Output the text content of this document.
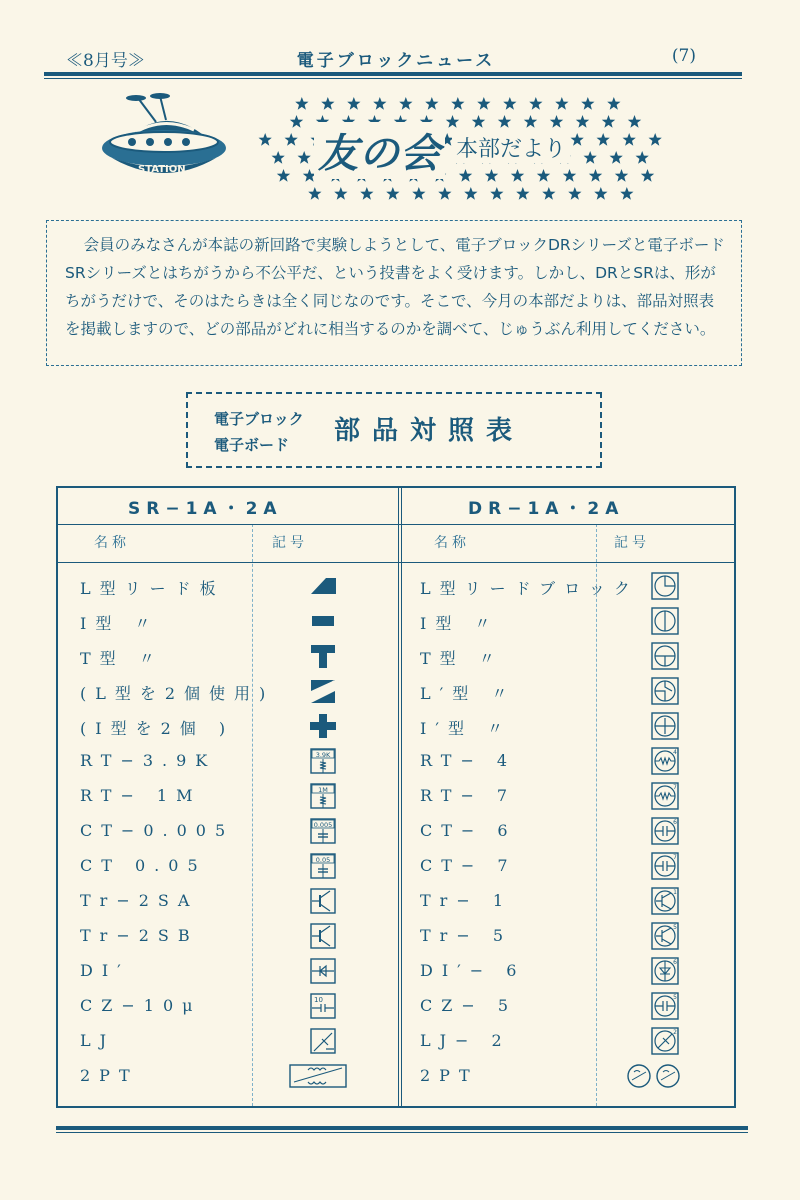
≪8月号≫	電子ブロックニュース	(7)
STATION	友の会 本部だより

会員のみなさんが本誌の新回路で実験しようとして、電子ブロックDRシリーズと電子ボードSRシリーズとはちがうから不公平だ、という投書をよく受けます。しかし、DRとSRは、形がちがうだけで、そのはたらきは全く同じなのです。そこで、今月の本部だよりは、部品対照表を掲載しますので、どの部品がどれに相当するのかを調べて、じゅうぶん利用してください。

電子ブロック
電子ボード 部品対照表
SR−1A・2A	DR−1A・2A
名称	記号	名称	記号
L型リード板	L型リードブロック
I型 〃	I型 〃
T型 〃	T型 〃
(L型を2個使用)	L′型 〃
(I型を2個 )	I′型 〃
RT−3.9K	3.9K	RT− 4	4
RT− 1M	1M	RT− 7	7
CT−0.005	0.005	CT− 6	6
CT 0.05	0.05	CT− 7	7
Tr−2SA	Tr− 1	1
Tr−2SB	Tr− 5	5
DI′	DI′− 6	6
CZ−10μ	10	CZ− 5	5
LJ	LJ− 2	2
2PT	2PT
